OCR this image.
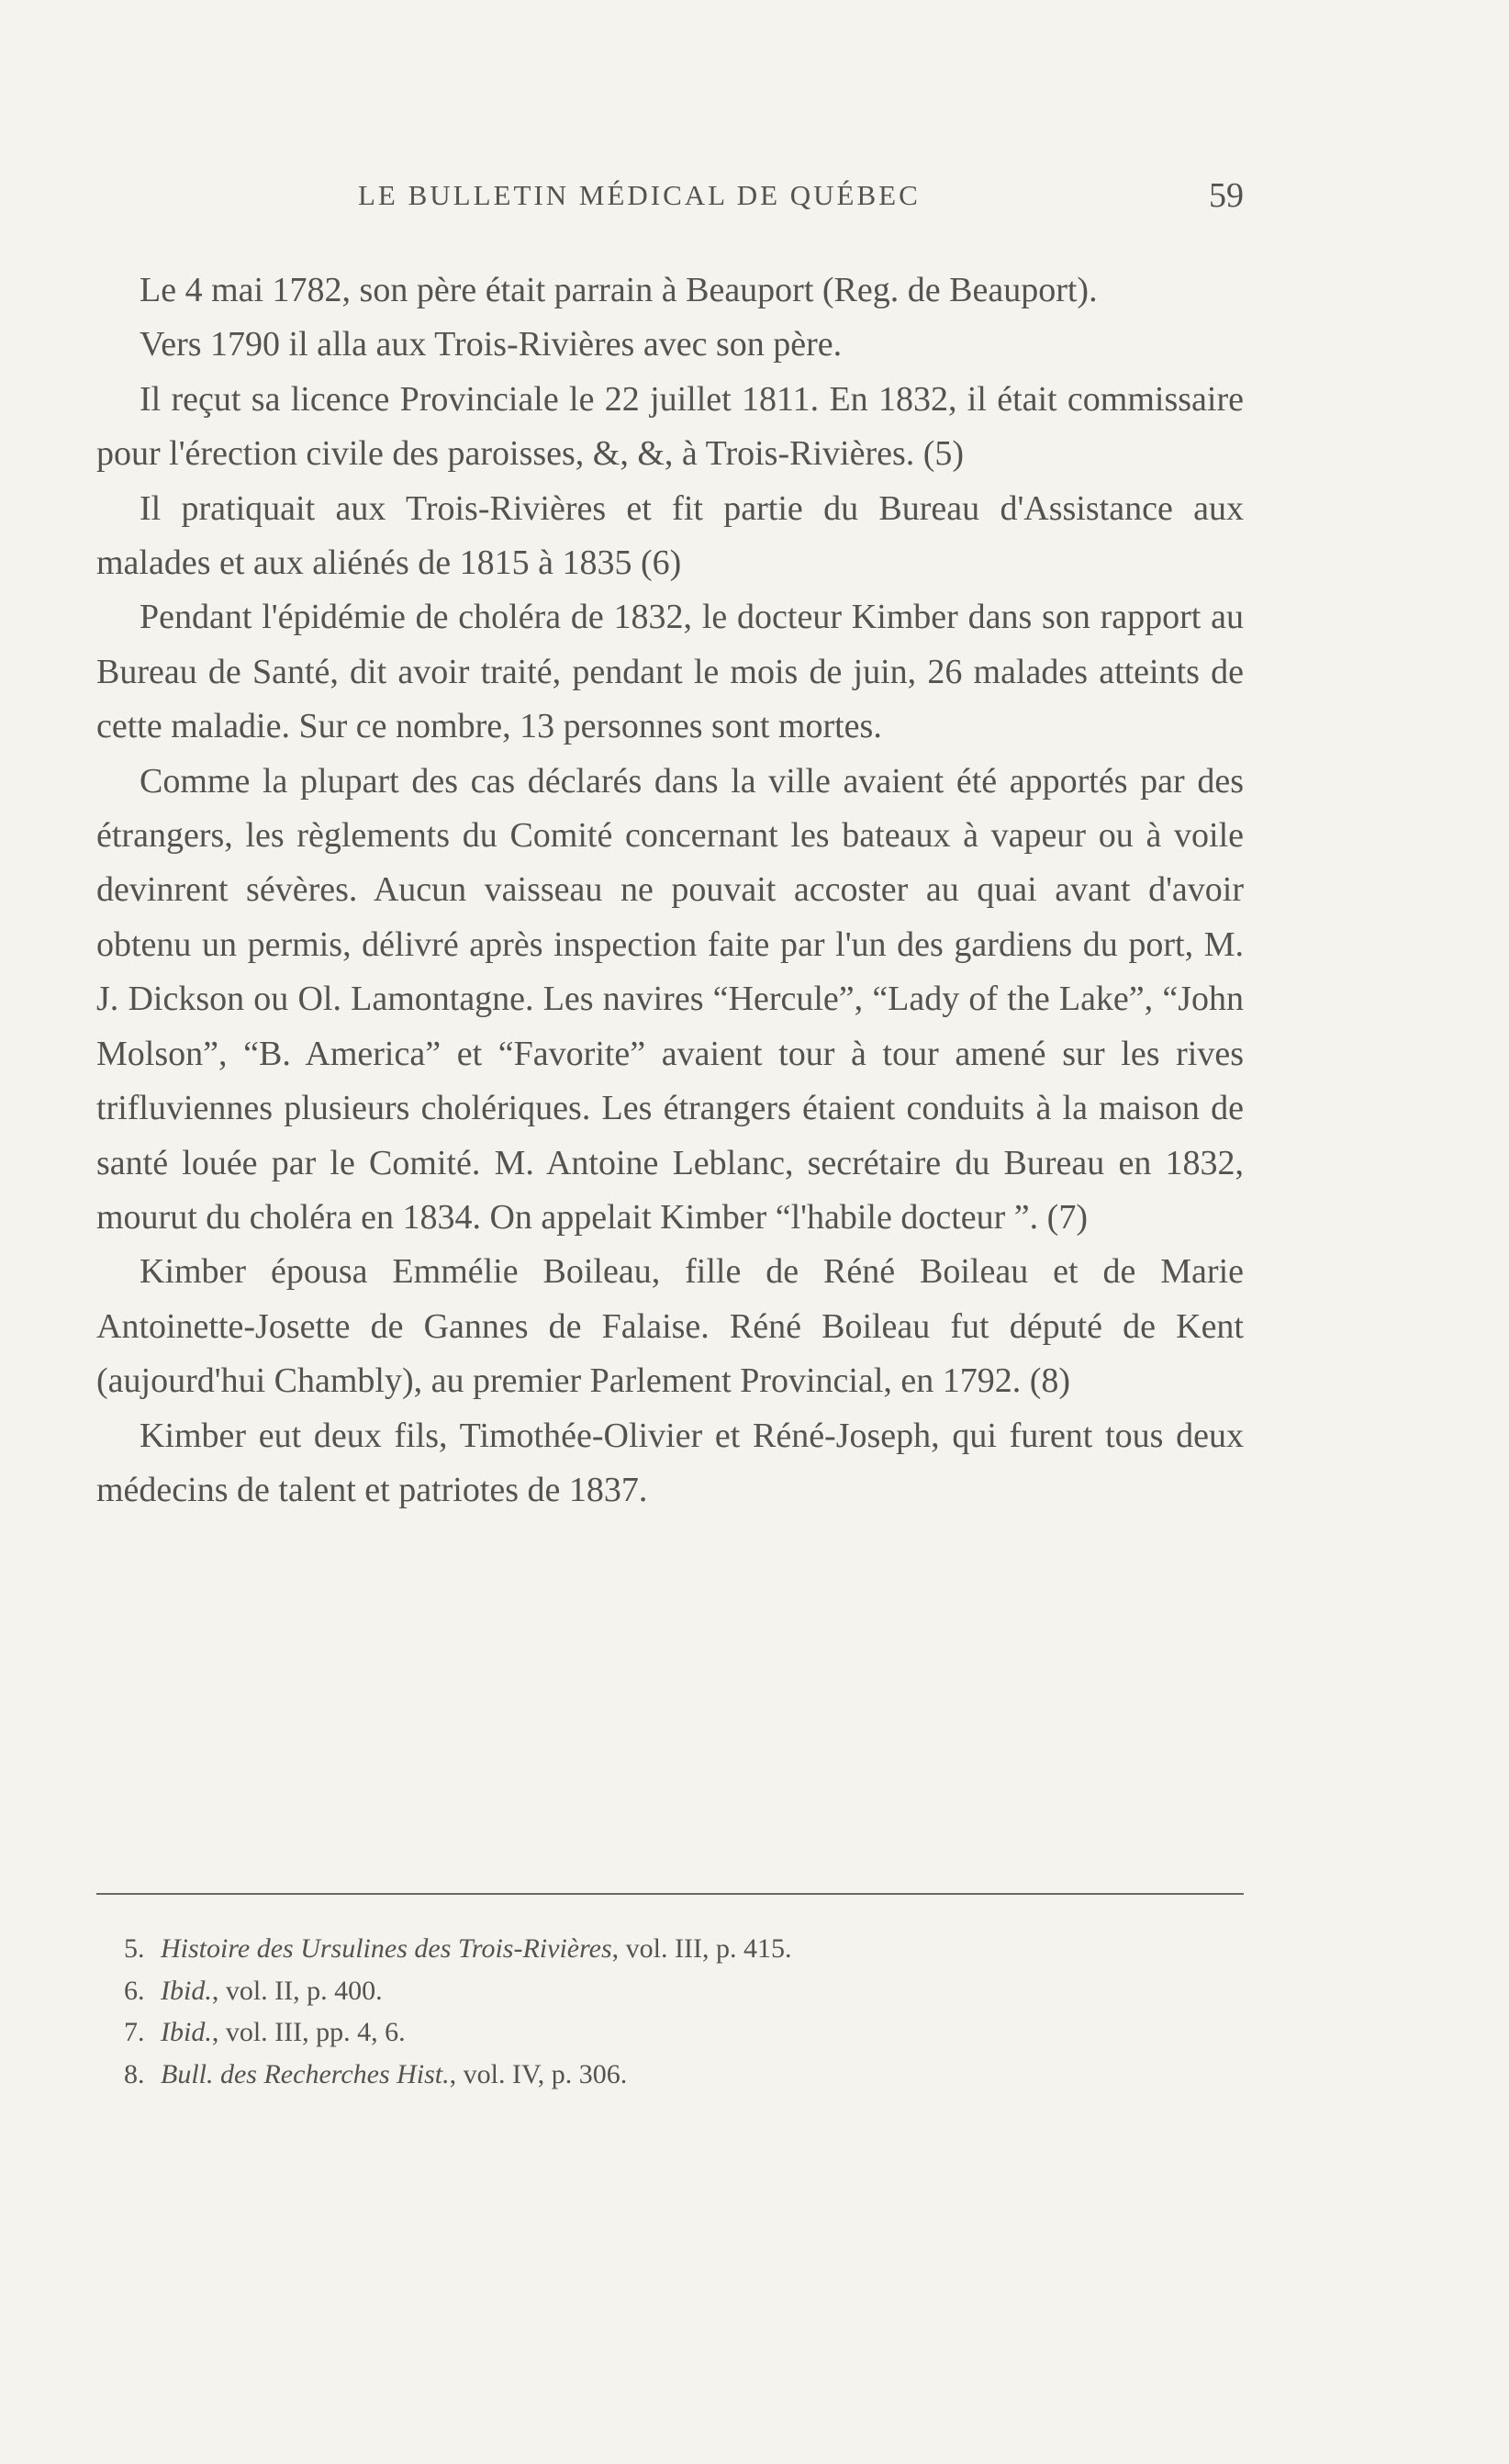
LE BULLETIN MÉDICAL DE QUÉBEC	59

Le 4 mai 1782, son père était parrain à Beauport (Reg. de Beauport).

Vers 1790 il alla aux Trois-Rivières avec son père.

Il reçut sa licence Provinciale le 22 juillet 1811. En 1832, il était commissaire pour l'érection civile des paroisses, &, &, à Trois-Rivières. (5)

Il pratiquait aux Trois-Rivières et fit partie du Bureau d'Assistance aux malades et aux aliénés de 1815 à 1835 (6)

Pendant l'épidémie de choléra de 1832, le docteur Kimber dans son rapport au Bureau de Santé, dit avoir traité, pendant le mois de juin, 26 malades atteints de cette maladie. Sur ce nombre, 13 personnes sont mortes.

Comme la plupart des cas déclarés dans la ville avaient été apportés par des étrangers, les règlements du Comité concernant les bateaux à vapeur ou à voile devinrent sévères. Aucun vaisseau ne pouvait accoster au quai avant d'avoir obtenu un permis, délivré après inspection faite par l'un des gardiens du port, M. J. Dickson ou Ol. Lamontagne. Les navires “Hercule”, “Lady of the Lake”, “John Molson”, “B. America” et “Favorite” avaient tour à tour amené sur les rives trifluviennes plusieurs cholériques. Les étrangers étaient conduits à la maison de santé louée par le Comité. M. Antoine Leblanc, secrétaire du Bureau en 1832, mourut du choléra en 1834. On appelait Kimber “l'habile docteur ”. (7)

Kimber épousa Emmélie Boileau, fille de Réné Boileau et de Marie Antoinette-Josette de Gannes de Falaise. Réné Boileau fut député de Kent (aujourd'hui Chambly), au premier Parlement Provincial, en 1792. (8)

Kimber eut deux fils, Timothée-Olivier et Réné-Joseph, qui furent tous deux médecins de talent et patriotes de 1837.

5. Histoire des Ursulines des Trois-Rivières, vol. III, p. 415.
6. Ibid., vol. II, p. 400.
7. Ibid., vol. III, pp. 4, 6.
8. Bull. des Recherches Hist., vol. IV, p. 306.
